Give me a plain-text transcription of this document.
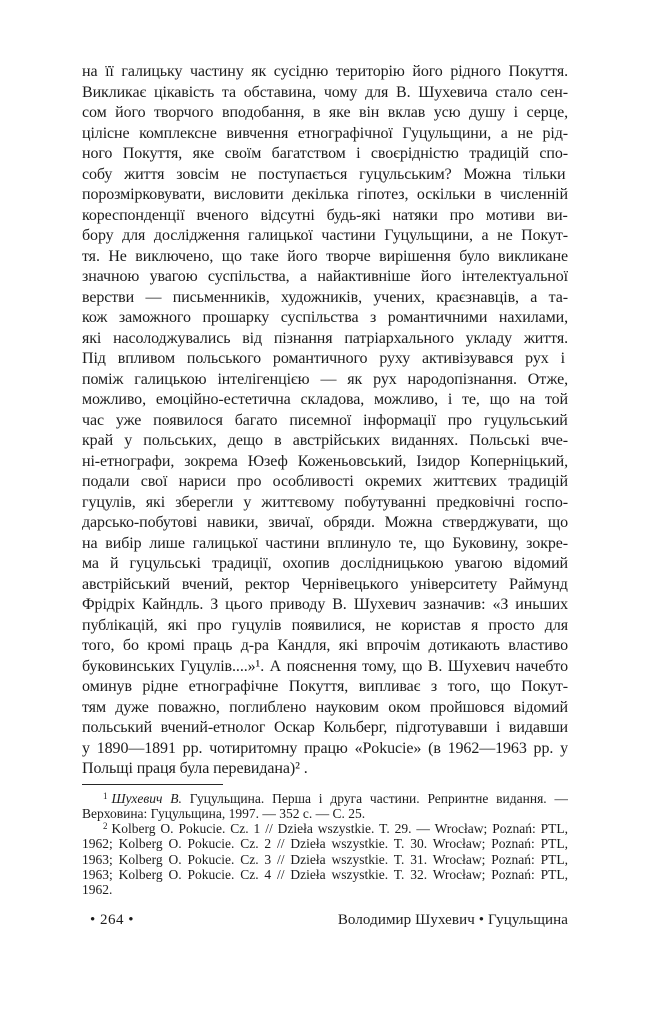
на її галицьку частину як сусідню територію його рідного Покуття.
Викликає цікавість та обставина, чому для В. Шухевича стало сен-
сом його творчого вподобання, в яке він вклав усю душу і серце,
цілісне комплексне вивчення етнографічної Гуцульщини, а не рід-
ного Покуття, яке своїм багатством і своєрідністю традицій спо-
собу життя зовсім не поступається гуцульським? Можна тільки
порозмірковувати, висловити декілька гіпотез, оскільки в численній
кореспонденції вченого відсутні будь-які натяки про мотиви ви-
бору для дослідження галицької частини Гуцульщини, а не Покут-
тя. Не виключено, що таке його творче вирішення було викликане
значною увагою суспільства, а найактивніше його інтелектуальної
верстви — письменників, художників, учених, краєзнавців, а та-
кож заможного прошарку суспільства з романтичними нахилами,
які насолоджувались від пізнання патріархального укладу життя.
Під впливом польського романтичного руху активізувався рух і
поміж галицькою інтелігенцією — як рух народопізнання. Отже,
можливо, емоційно-естетична складова, можливо, і те, що на той
час уже появилося багато писемної інформації про гуцульський
край у польських, дещо в австрійських виданнях. Польські вче-
ні-етнографи, зокрема Юзеф Коженьовський, Ізидор Коперніцький,
подали свої нариси про особливості окремих життєвих традицій
гуцулів, які зберегли у життєвому побутуванні предковічні госпо-
дарсько-побутові навики, звичаї, обряди. Можна стверджувати, що
на вибір лише галицької частини вплинуло те, що Буковину, зокре-
ма й гуцульські традиції, охопив дослідницькою увагою відомий
австрійський вчений, ректор Чернівецького університету Раймунд
Фрідріх Кайндль. З цього приводу В. Шухевич зазначив: «З иньших
публікацій, які про гуцулів появилися, не користав я просто для
того, бо кромі праць д-ра Кандля, які впрочім дотикають властиво
буковинських Гуцулів....»¹. А пояснення тому, що В. Шухевич начебто
оминув рідне етнографічне Покуття, випливає з того, що Покут-
тям дуже поважно, поглиблено науковим оком пройшовся відомий
польський вчений-етнолог Оскар Кольберг, підготувавши і видавши
у 1890—1891 рр. чотиритомну працю «Pokucie» (в 1962—1963 рр. у
Польщі праця була перевидана)² .
$^1$ Шухевич В. Гуцульщина. Перша і друга частини. Репринтне видання. —
Верховина: Гуцульщина, 1997. — 352 с. — С. 25.
$^2$ Kolberg O. Pokucie. Cz. 1 // Dzieła wszystkie. T. 29. — Wrocław; Poznań: PTL,
1962; Kolberg O. Pokucie. Cz. 2 // Dzieła wszystkie. T. 30. Wrocław; Poznań: PTL,
1963; Kolberg O. Pokucie. Cz. 3 // Dzieła wszystkie. T. 31. Wrocław; Poznań: PTL,
1963; Kolberg O. Pokucie. Cz. 4 // Dzieła wszystkie. T. 32. Wrocław; Poznań: PTL,
1962.
• 264 •	Володимир Шухевич • Гуцульщина
